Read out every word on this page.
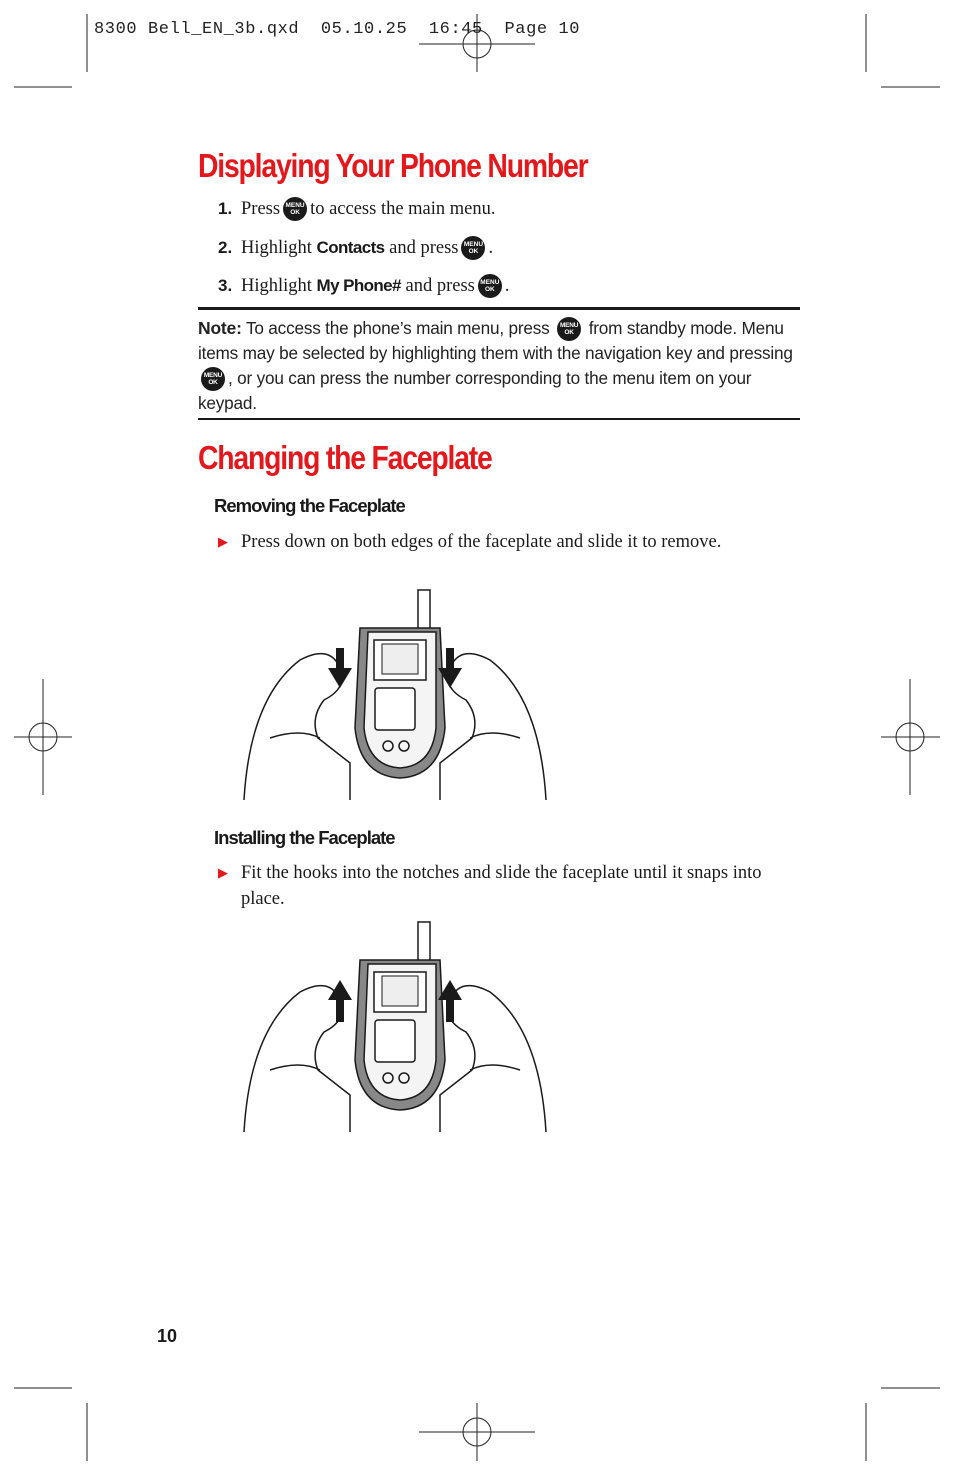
8300 Bell_EN_3b.qxd  05.10.25  16:45  Page 10
Displaying Your Phone Number
1. Press MENU
OK to access the main menu.
2. Highlight
Contacts
and press MENU
OK .
3. Highlight
My Phone#
and press MENU
OK .
Note: To access the phone’s main menu, press MENU
OK from standby mode. Menu items may be selected by highlighting them with the navigation key and pressing
MENU
OK , or you can press the number corresponding to the menu item on your keypad.
Changing the Faceplate
Removing the Faceplate
▶ Press down on both edges of the faceplate and slide it to remove.
Installing the Faceplate
▶ Fit the hooks into the notches and slide the faceplate until it snaps into place.
10
